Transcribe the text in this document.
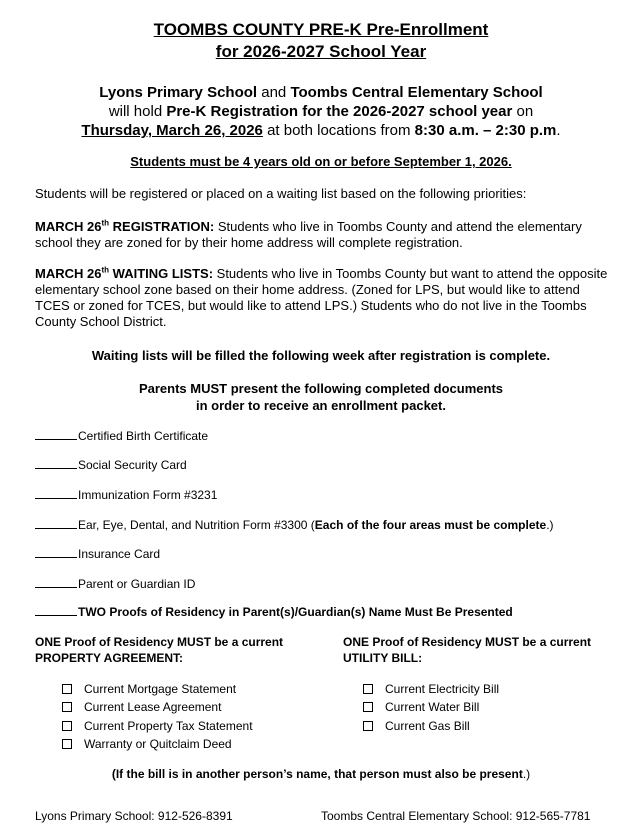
TOOMBS COUNTY PRE-K Pre-Enrollment
for 2026-2027 School Year
Lyons Primary School and Toombs Central Elementary School
will hold Pre-K Registration for the 2026-2027 school year on
Thursday, March 26, 2026 at both locations from 8:30 a.m. – 2:30 p.m.
Students must be 4 years old on or before September 1, 2026.
Students will be registered or placed on a waiting list based on the following priorities:
MARCH 26th REGISTRATION: Students who live in Toombs County and attend the elementary school they are zoned for by their home address will complete registration.
MARCH 26th WAITING LISTS: Students who live in Toombs County but want to attend the opposite elementary school zone based on their home address. (Zoned for LPS, but would like to attend TCES or zoned for TCES, but would like to attend LPS.) Students who do not live in the Toombs County School District.
Waiting lists will be filled the following week after registration is complete.
Parents MUST present the following completed documents
in order to receive an enrollment packet.
Certified Birth Certificate
Social Security Card
Immunization Form #3231
Ear, Eye, Dental, and Nutrition Form #3300 (Each of the four areas must be complete.)
Insurance Card
Parent or Guardian ID
TWO Proofs of Residency in Parent(s)/Guardian(s) Name Must Be Presented
ONE Proof of Residency MUST be a current
PROPERTY AGREEMENT:
ONE Proof of Residency MUST be a current
UTILITY BILL:
Current Mortgage Statement
Current Lease Agreement
Current Property Tax Statement
Warranty or Quitclaim Deed
Current Electricity Bill
Current Water Bill
Current Gas Bill
(If the bill is in another person’s name, that person must also be present.)
Lyons Primary School: 912-526-8391	Toombs Central Elementary School: 912-565-7781
